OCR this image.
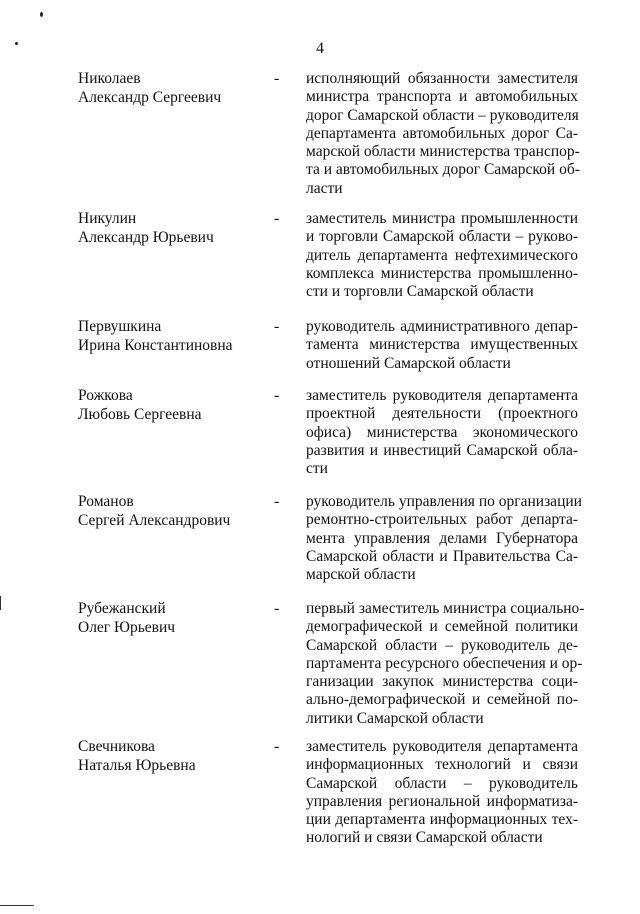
4
Николаев
Александр Сергеевич
- исполняющий обязанности заместителя
министра транспорта и автомобильных
дорог Самарской области – руководителя
департамента автомобильных дорог Са-
марской области министерства транспор-
та и автомобильных дорог Самарской об-
ласти
Никулин
Александр Юрьевич
- заместитель министра промышленности
и торговли Самарской области – руково-
дитель департамента нефтехимического
комплекса министерства промышленно-
сти и торговли Самарской области
Первушкина
Ирина Константиновна
- руководитель административного депар-
тамента министерства имущественных
отношений Самарской области
Рожкова
Любовь Сергеевна
- заместитель руководителя департамента
проектной деятельности (проектного
офиса) министерства экономического
развития и инвестиций Самарской обла-
сти
Романов
Сергей Александрович
- руководитель управления по организации
ремонтно-строительных работ департа-
мента управления делами Губернатора
Самарской области и Правительства Са-
марской области
Рубежанский
Олег Юрьевич
- первый заместитель министра социально-
демографической и семейной политики
Самарской области – руководитель де-
партамента ресурсного обеспечения и ор-
ганизации закупок министерства соци-
ально-демографической и семейной по-
литики Самарской области
Свечникова
Наталья Юрьевна
- заместитель руководителя департамента
информационных технологий и связи
Самарской области – руководитель
управления региональной информатиза-
ции департамента информационных тех-
нологий и связи Самарской области
